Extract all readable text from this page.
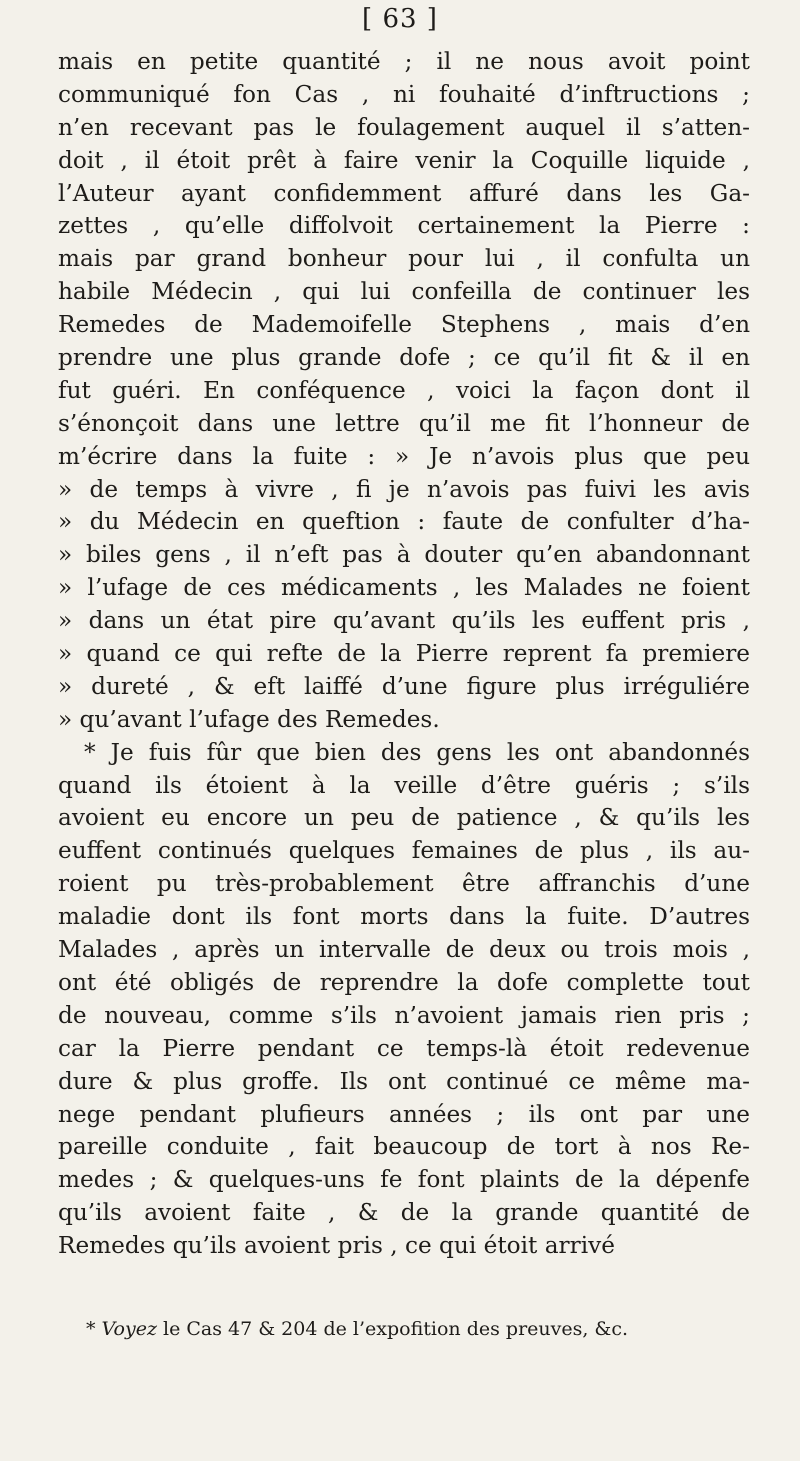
[ 63 ]
mais en petite quantité ; il ne nous avoit point
communiqué fon Cas , ni fouhaité d’inftructions ;
n’en recevant pas le foulagement auquel il s’atten-
doit , il étoit prêt à faire venir la Coquille liquide ,
l’Auteur ayant confidemment affuré dans les Ga-
zettes , qu’elle diffolvoit certainement la Pierre :
mais par grand bonheur pour lui , il confulta un
habile Médecin , qui lui confeilla de continuer les
Remedes de Mademoifelle Stephens , mais d’en
prendre une plus grande dofe ; ce qu’il fit & il en
fut guéri. En conféquence , voici la façon dont il
s’énonçoit dans une lettre qu’il me fit l’honneur de
m’écrire dans la fuite : » Je n’avois plus que peu
» de temps à vivre , fi je n’avois pas fuivi les avis
» du Médecin en queftion : faute de confulter d’ha-
» biles gens , il n’eft pas à douter qu’en abandonnant
» l’ufage de ces médicaments , les Malades ne foient
» dans un état pire qu’avant qu’ils les euffent pris ,
» quand ce qui refte de la Pierre reprent fa premiere
» dureté , & eft laiffé d’une figure plus irréguliére
» qu’avant l’ufage des Remedes.
* Je fuis fûr que bien des gens les ont abandonnés
quand ils étoient à la veille d’être guéris ; s’ils
avoient eu encore un peu de patience , & qu’ils les
euffent continués quelques femaines de plus , ils au-
roient pu très-probablement être affranchis d’une
maladie dont ils font morts dans la fuite. D’autres
Malades , après un intervalle de deux ou trois mois ,
ont été obligés de reprendre la dofe complette tout
de nouveau, comme s’ils n’avoient jamais rien pris ;
car la Pierre pendant ce temps-là étoit redevenue
dure & plus groffe. Ils ont continué ce même ma-
nege pendant plufieurs années ; ils ont par une
pareille conduite , fait beaucoup de tort à nos Re-
medes ; & quelques-uns fe font plaints de la dépenfe
qu’ils avoient faite , & de la grande quantité de
Remedes qu’ils avoient pris , ce qui étoit arrivé
* Voyez le Cas 47 & 204 de l’expofition des preuves, &c.
